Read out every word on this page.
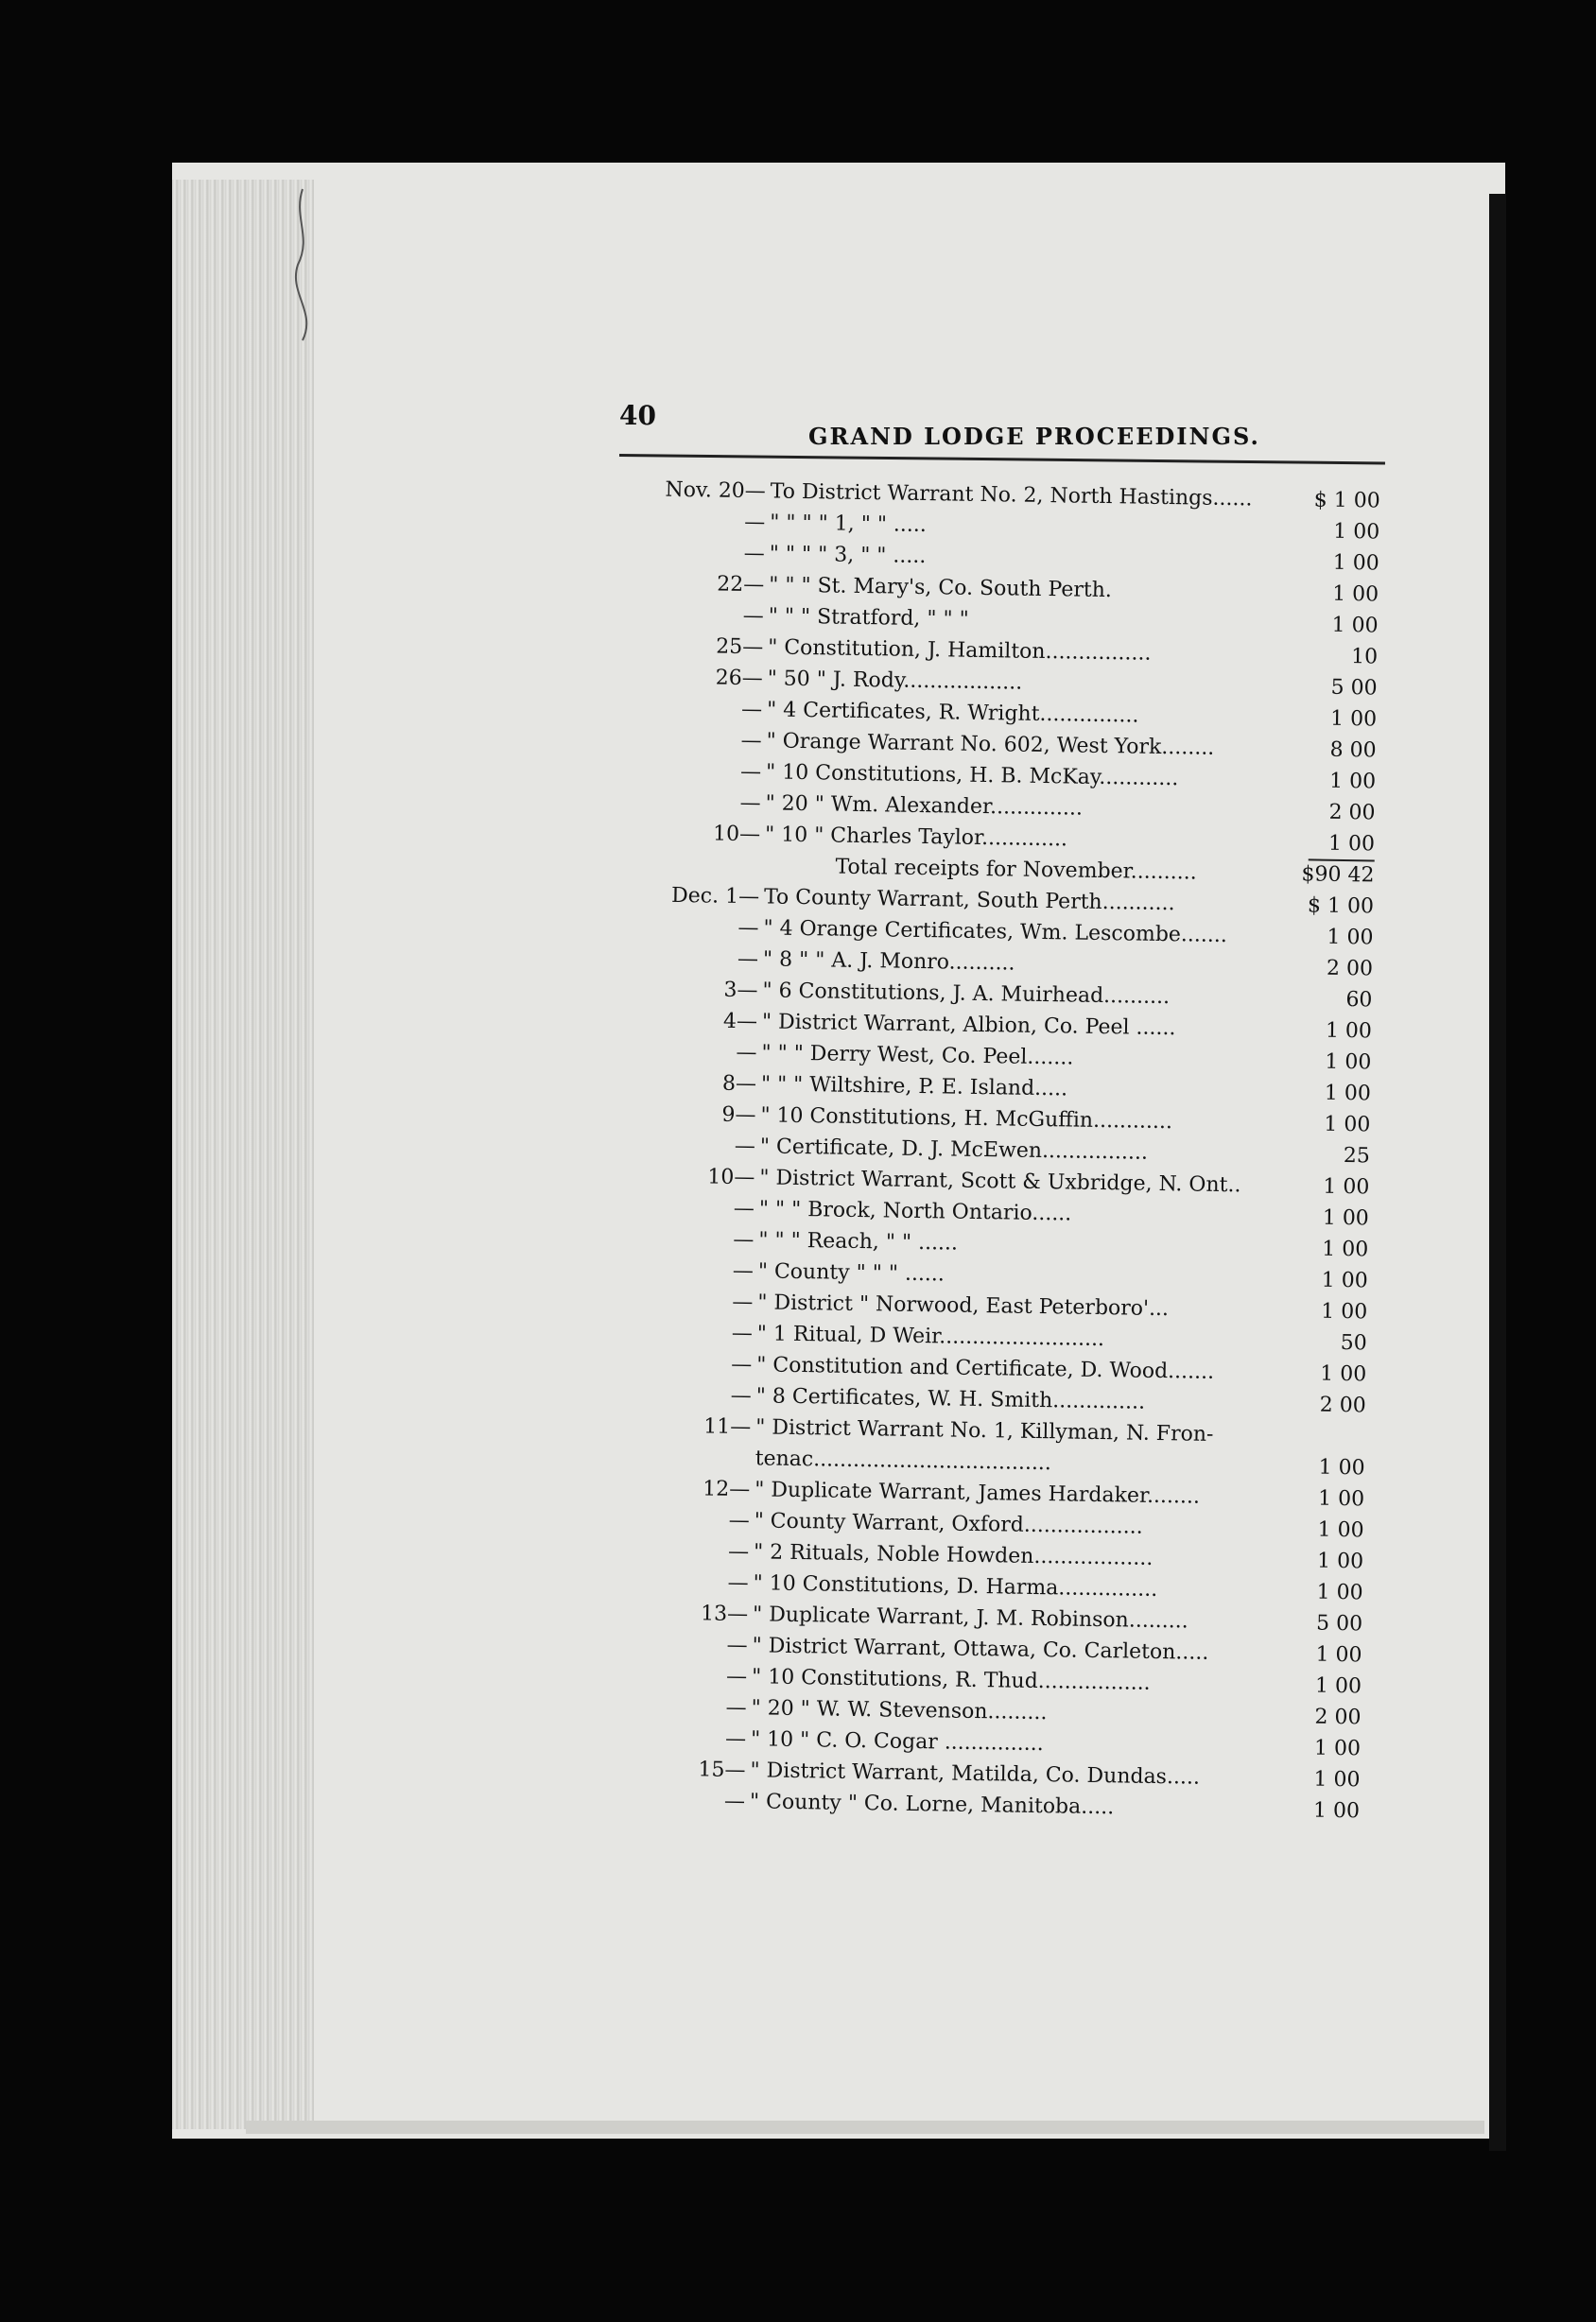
40
GRAND LODGE PROCEEDINGS.
Nov. 20— To District Warrant No. 2, North Hastings......	$ 1 00
— " " " " 1, " " .....	1 00
— " " " " 3, " " .....	1 00
22— " " " St. Mary's, Co. South Perth.	1 00
— " " " Stratford, " " "	1 00
25— " Constitution, J. Hamilton................	10
26— " 50 " J. Rody..................	5 00
— " 4 Certificates, R. Wright...............	1 00
— " Orange Warrant No. 602, West York........	8 00
— " 10 Constitutions, H. B. McKay............	1 00
— " 20 " Wm. Alexander..............	2 00
10— " 10 " Charles Taylor.............	1 00
Total receipts for November..........	$90 42
Dec. 1— To County Warrant, South Perth...........	$ 1 00
— " 4 Orange Certificates, Wm. Lescombe.......	1 00
— " 8 " " A. J. Monro..........	2 00
3— " 6 Constitutions, J. A. Muirhead..........	60
4— " District Warrant, Albion, Co. Peel ......	1 00
— " " " Derry West, Co. Peel.......	1 00
8— " " " Wiltshire, P. E. Island.....	1 00
9— " 10 Constitutions, H. McGuffin............	1 00
— " Certificate, D. J. McEwen................	25
10— " District Warrant, Scott & Uxbridge, N. Ont..	1 00
— " " " Brock, North Ontario......	1 00
— " " " Reach, " " ......	1 00
— " County " " " ......	1 00
— " District " Norwood, East Peterboro'...	1 00
— " 1 Ritual, D Weir.........................	50
— " Constitution and Certificate, D. Wood.......	1 00
— " 8 Certificates, W. H. Smith..............	2 00
11— " District Warrant No. 1, Killyman, N. Fron-
tenac....................................	1 00
12— " Duplicate Warrant, James Hardaker........	1 00
— " County Warrant, Oxford..................	1 00
— " 2 Rituals, Noble Howden..................	1 00
— " 10 Constitutions, D. Harma...............	1 00
13— " Duplicate Warrant, J. M. Robinson.........	5 00
— " District Warrant, Ottawa, Co. Carleton.....	1 00
— " 10 Constitutions, R. Thud.................	1 00
— " 20 " W. W. Stevenson.........	2 00
— " 10 " C. O. Cogar ...............	1 00
15— " District Warrant, Matilda, Co. Dundas.....	1 00
— " County " Co. Lorne, Manitoba.....	1 00
